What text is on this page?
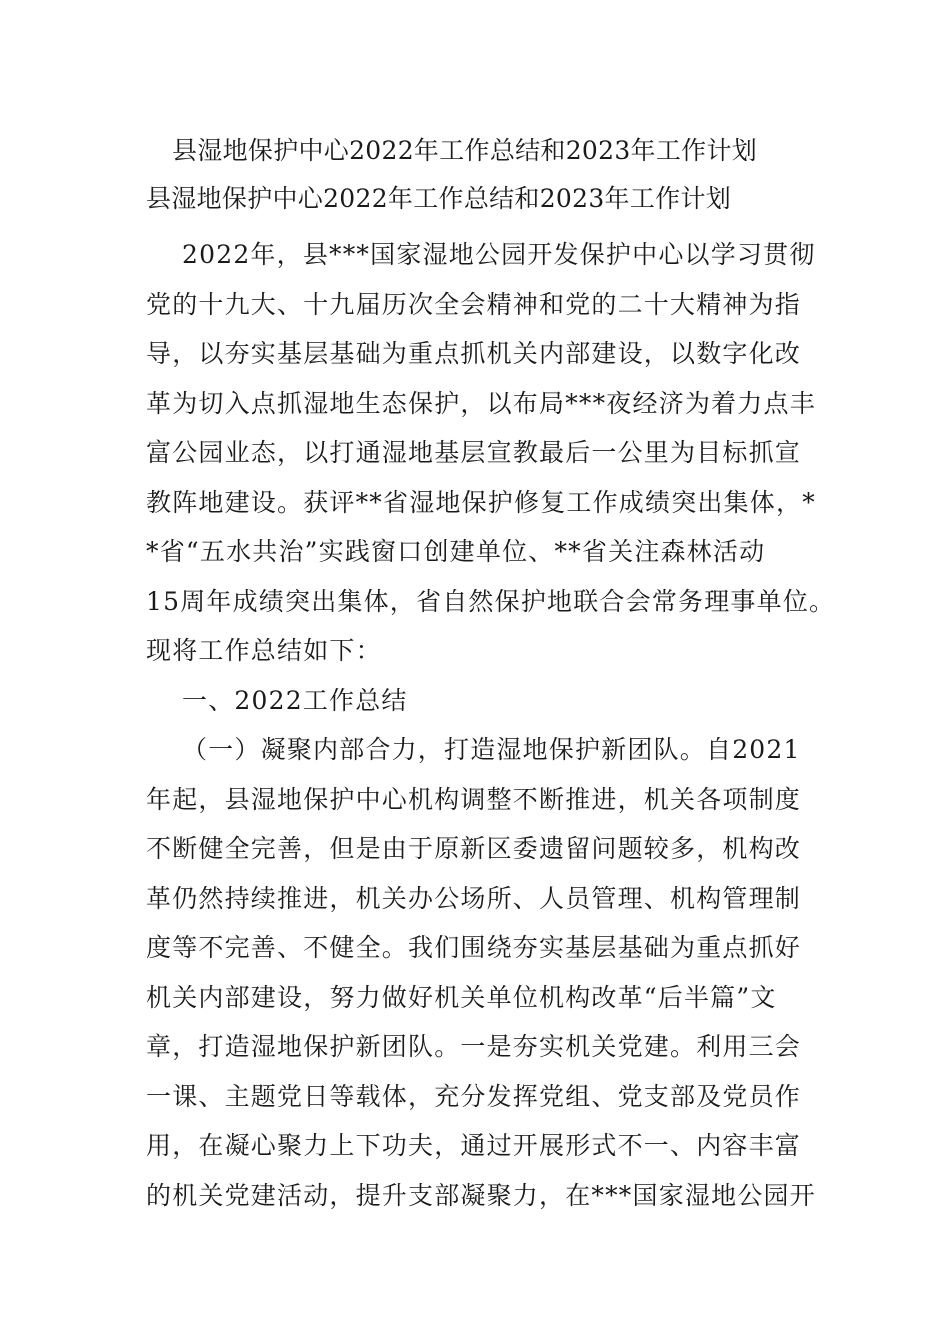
县湿地保护中心2022年工作总结和2023年工作计划
县湿地保护中心2022年工作总结和2023年工作计划
2022年，县***国家湿地公园开发保护中心以学习贯彻
党的十九大、十九届历次全会精神和党的二十大精神为指
导，以夯实基层基础为重点抓机关内部建设，以数字化改
革为切入点抓湿地生态保护，以布局***夜经济为着力点丰
富公园业态，以打通湿地基层宣教最后一公里为目标抓宣
教阵地建设。获评**省湿地保护修复工作成绩突出集体，*
*省“五水共治”实践窗口创建单位、**省关注森林活动
15周年成绩突出集体，省自然保护地联合会常务理事单位。
现将工作总结如下：
一、2022工作总结
（一）凝聚内部合力，打造湿地保护新团队。自2021
年起，县湿地保护中心机构调整不断推进，机关各项制度
不断健全完善，但是由于原新区委遗留问题较多，机构改
革仍然持续推进，机关办公场所、人员管理、机构管理制
度等不完善、不健全。我们围绕夯实基层基础为重点抓好
机关内部建设，努力做好机关单位机构改革“后半篇”文
章，打造湿地保护新团队。一是夯实机关党建。利用三会
一课、主题党日等载体，充分发挥党组、党支部及党员作
用，在凝心聚力上下功夫，通过开展形式不一、内容丰富
的机关党建活动，提升支部凝聚力，在***国家湿地公园开
